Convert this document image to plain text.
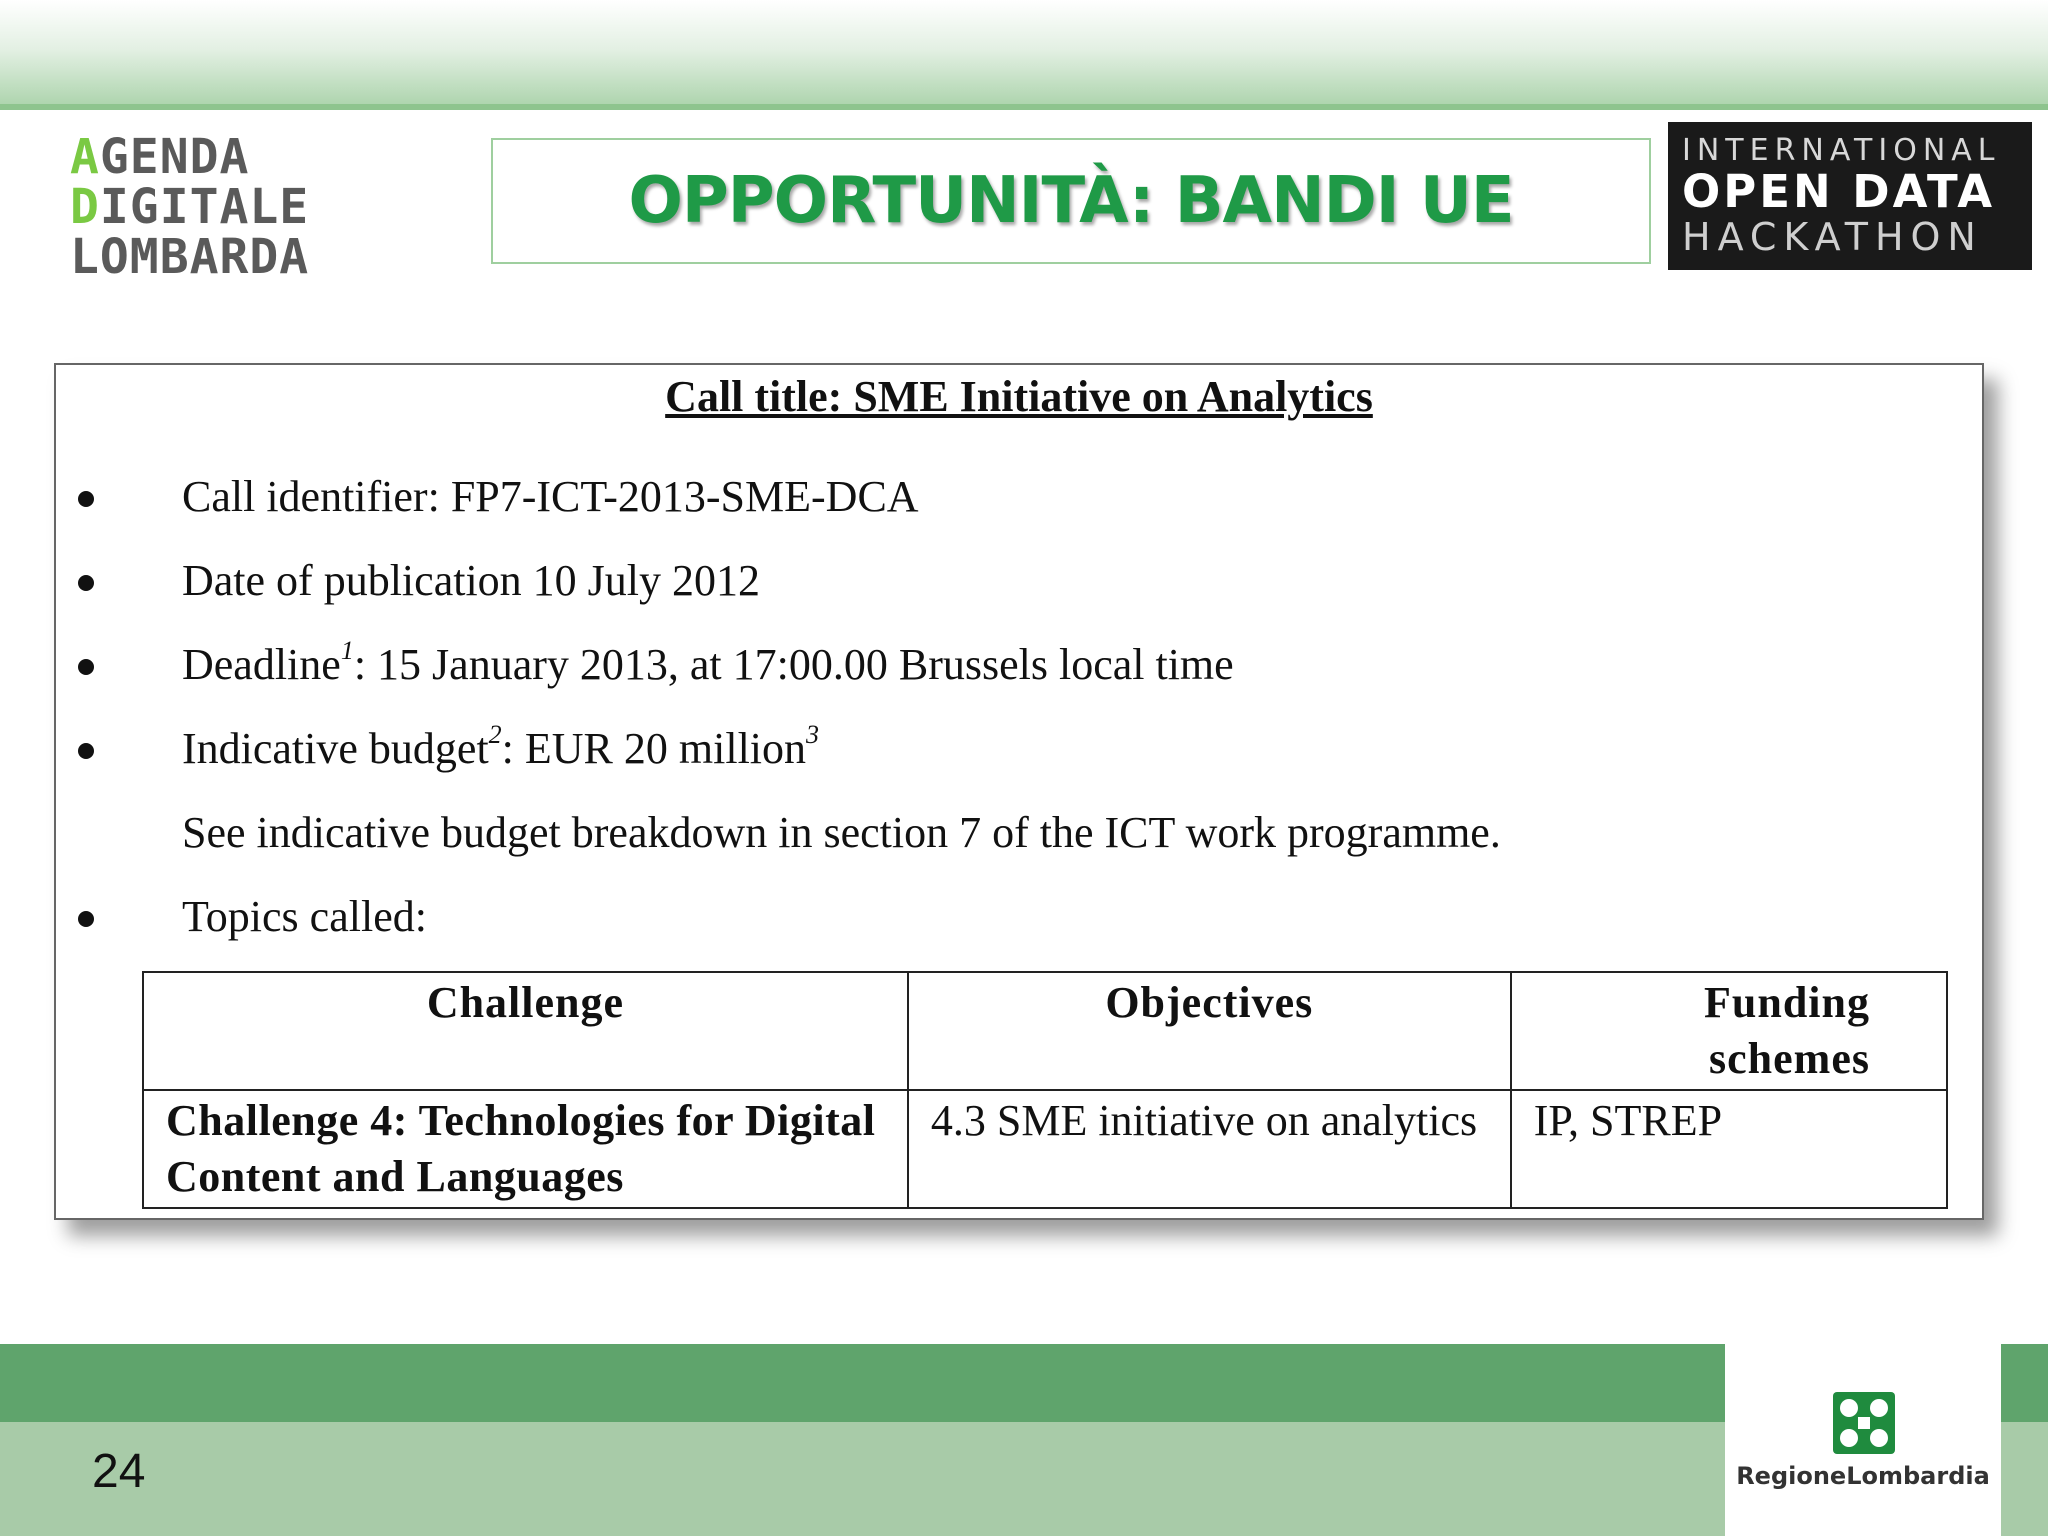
AGENDA
DIGITALE
LOMBARDA
OPPORTUNITÀ: BANDI UE
INTERNATIONAL
OPEN DATA
HACKATHON
Call title: SME Initiative on Analytics
Call identifier: FP7-ICT-2013-SME-DCA
Date of publication 10 July 2012
Deadline$^1$: 15 January 2013, at 17:00.00 Brussels local time
Indicative budget$^2$: EUR 20 million$^3$
See indicative budget breakdown in section 7 of the ICT work programme.
Topics called:
Challenge	Objectives	Funding schemes
Challenge 4: Technologies for Digital Content and Languages	4.3 SME initiative on analytics	IP, STREP
24	RegioneLombardia
